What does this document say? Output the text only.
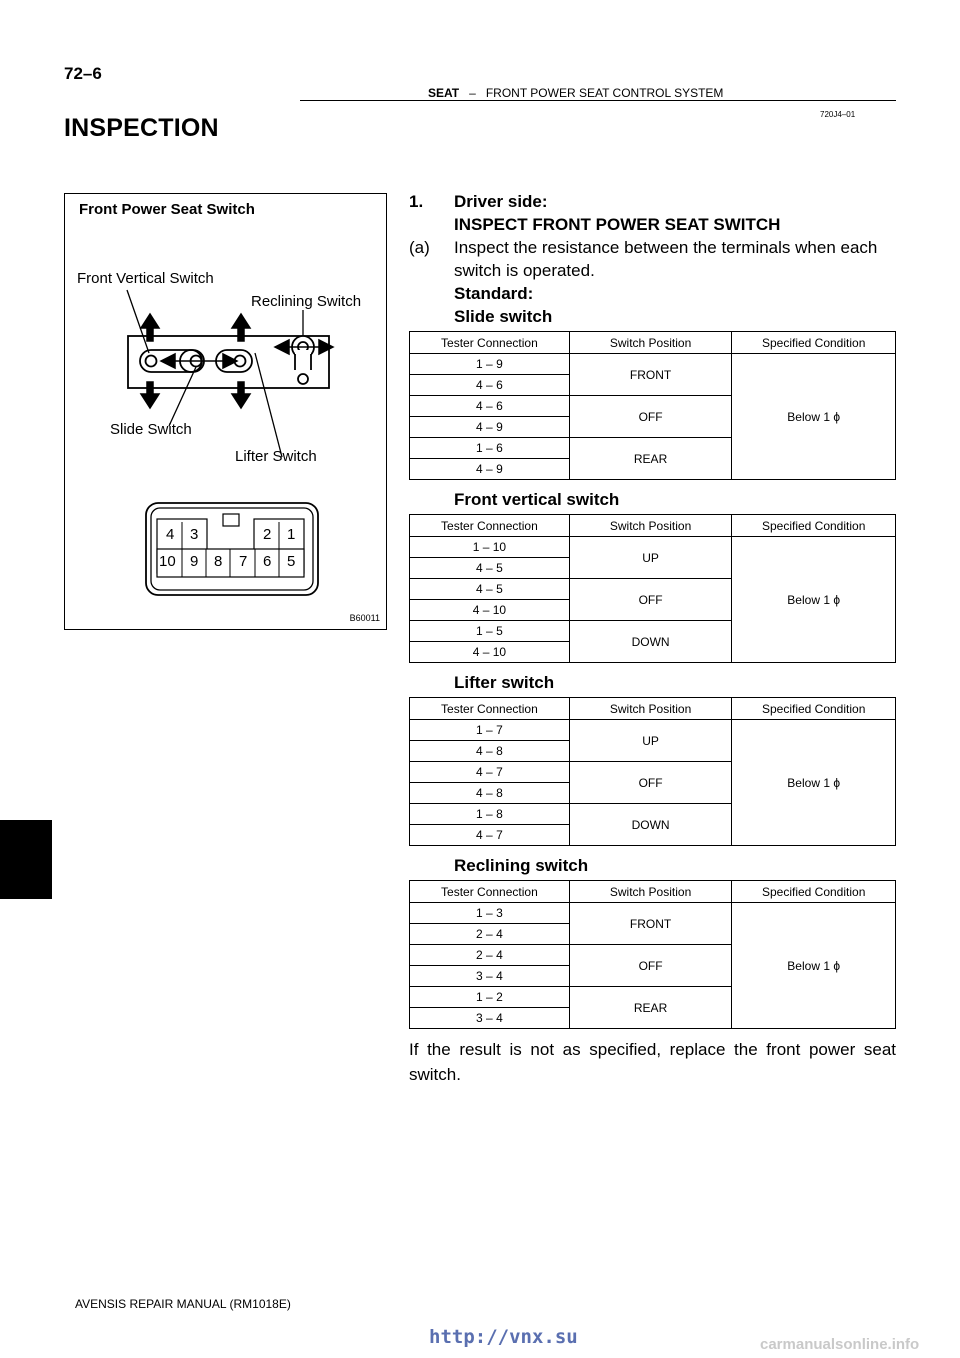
72–6
SEAT – FRONT POWER SEAT CONTROL SYSTEM
720J4–01
INSPECTION
Front Power Seat Switch
Front Vertical Switch
Reclining Switch
Slide Switch
Lifter Switch
4 3	2 1
10 9 8 7 6 5
B60011
1. Driver side:
INSPECT FRONT POWER SEAT SWITCH
(a) Inspect the resistance between the terminals when each
switch is operated.
Standard:
Slide switch
Tester Connection	Switch Position	Specified Condition
1 – 9	FRONT	Below 1 ϕ
4 – 6		
4 – 6	OFF	
4 – 9		
1 – 6	REAR	
4 – 9		
Front vertical switch
Tester Connection	Switch Position	Specified Condition
1 – 10	UP	Below 1 ϕ
4 – 5		
4 – 5	OFF	
4 – 10		
1 – 5	DOWN	
4 – 10		
Lifter switch
Tester Connection	Switch Position	Specified Condition
1 – 7	UP	Below 1 ϕ
4 – 8		
4 – 7	OFF	
4 – 8		
1 – 8	DOWN	
4 – 7		
Reclining switch
Tester Connection	Switch Position	Specified Condition
1 – 3	FRONT	Below 1 ϕ
2 – 4		
2 – 4	OFF	
3 – 4		
1 – 2	REAR	
3 – 4		
If the result is not as specified, replace the front power seat switch.
AVENSIS REPAIR MANUAL (RM1018E)
http://vnx.su	carmanualsonline.info
